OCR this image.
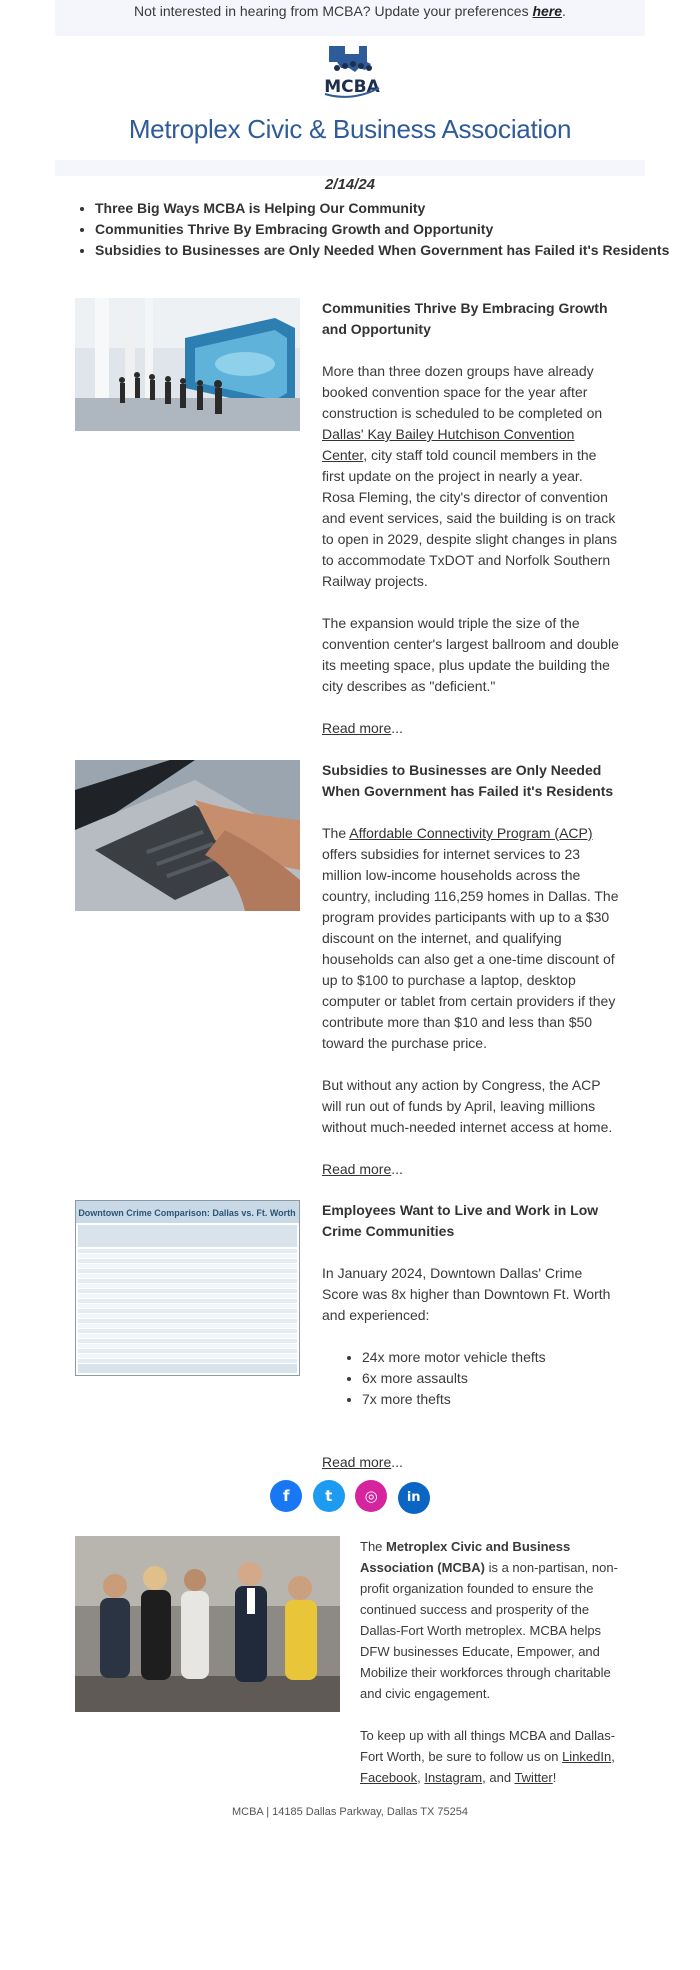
Not interested in hearing from MCBA? Update your preferences here.
MCBA
Metroplex Civic & Business Association
2/14/24
• Three Big Ways MCBA is Helping Our Community
• Communities Thrive By Embracing Growth and Opportunity
• Subsidies to Businesses are Only Needed When Government has Failed it's Residents
Communities Thrive By Embracing Growth and Opportunity

More than three dozen groups have already booked convention space for the year after construction is scheduled to be completed on Dallas' Kay Bailey Hutchison Convention Center, city staff told council members in the first update on the project in nearly a year.

Rosa Fleming, the city's director of convention and event services, said the building is on track to open in 2029, despite slight changes in plans to accommodate TxDOT and Norfolk Southern Railway projects.

The expansion would triple the size of the convention center's largest ballroom and double its meeting space, plus update the building the city describes as "deficient."

Read more...

Subsidies to Businesses are Only Needed When Government has Failed it's Residents

The Affordable Connectivity Program (ACP) offers subsidies for internet services to 23 million low-income households across the country, including 116,259 homes in Dallas. The program provides participants with up to a $30 discount on the internet, and qualifying households can also get a one-time discount of up to $100 to purchase a laptop, desktop computer or tablet from certain providers if they contribute more than $10 and less than $50 toward the purchase price.

But without any action by Congress, the ACP will run out of funds by April, leaving millions without much-needed internet access at home.

Read more...

Downtown Crime Comparison: Dallas vs. Ft. Worth Employees Want to Live and Work in Low Crime Communities

In January 2024, Downtown Dallas' Crime Score was 8x higher than Downtown Ft. Worth and experienced:

• 24x more motor vehicle thefts
• 6x more assaults
• 7x more thefts

Read more...

f t ◎ in

The Metroplex Civic and Business Association (MCBA) is a non-partisan, non-profit organization founded to ensure the continued success and prosperity of the Dallas-Fort Worth metroplex. MCBA helps DFW businesses Educate, Empower, and Mobilize their workforces through charitable and civic engagement.

To keep up with all things MCBA and Dallas-Fort Worth, be sure to follow us on LinkedIn, Facebook, Instagram, and Twitter!

MCBA | 14185 Dallas Parkway, Dallas TX 75254
